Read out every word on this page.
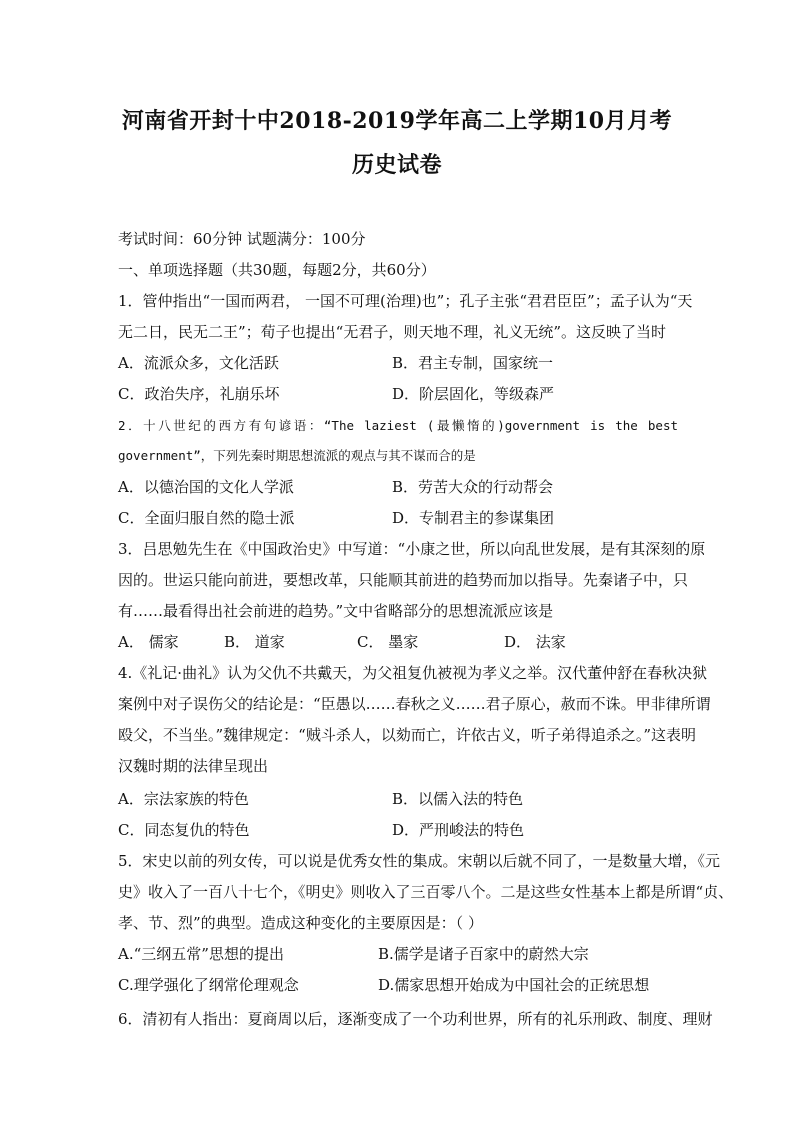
河南省开封十中2018-2019学年高二上学期10月月考
历史试卷
考试时间：60分钟 试题满分：100分
一、单项选择题（共30题，每题2分，共60分）
1．管仲指出“一国而两君， 一国不可理(治理)也”；孔子主张“君君臣臣”；孟子认为“天
无二日，民无二王”；荀子也提出“无君子，则天地不理，礼义无统”。这反映了当时
A．流派众多，文化活跃	B．君主专制，国家统一
C．政治失序，礼崩乐坏	D．阶层固化，等级森严
2．十八世纪的西方有句谚语：“The laziest (最懒惰的)government is the best
government”，下列先秦时期思想流派的观点与其不谋而合的是
A．以德治国的文化人学派	B．劳苦大众的行动帮会
C．全面归服自然的隐士派	D．专制君主的参谋集团
3．吕思勉先生在《中国政治史》中写道：“小康之世，所以向乱世发展，是有其深刻的原
因的。世运只能向前进，要想改革，只能顺其前进的趋势而加以指导。先秦诸子中，只
有……最看得出社会前进的趋势。”文中省略部分的思想流派应该是
A． 儒家	B． 道家	C． 墨家	D． 法家
4.《礼记·曲礼》认为父仇不共戴天，为父祖复仇被视为孝义之举。汉代董仲舒在春秋决狱
案例中对子误伤父的结论是：“臣愚以……春秋之义……君子原心，赦而不诛。甲非律所谓
殴父，不当坐。”魏律规定：“贼斗杀人，以劾而亡，许依古义，听子弟得追杀之。”这表明
汉魏时期的法律呈现出
A．宗法家族的特色	B．以儒入法的特色
C．同态复仇的特色	D．严刑峻法的特色
5．宋史以前的列女传，可以说是优秀女性的集成。宋朝以后就不同了，一是数量大增，《元
史》收入了一百八十七个，《明史》则收入了三百零八个。二是这些女性基本上都是所谓“贞、
孝、节、烈”的典型。造成这种变化的主要原因是：（ ）
A.“三纲五常”思想的提出	B.儒学是诸子百家中的蔚然大宗
C.理学强化了纲常伦理观念	D.儒家思想开始成为中国社会的正统思想
6．清初有人指出：夏商周以后，逐渐变成了一个功利世界，所有的礼乐刑政、制度、理财
